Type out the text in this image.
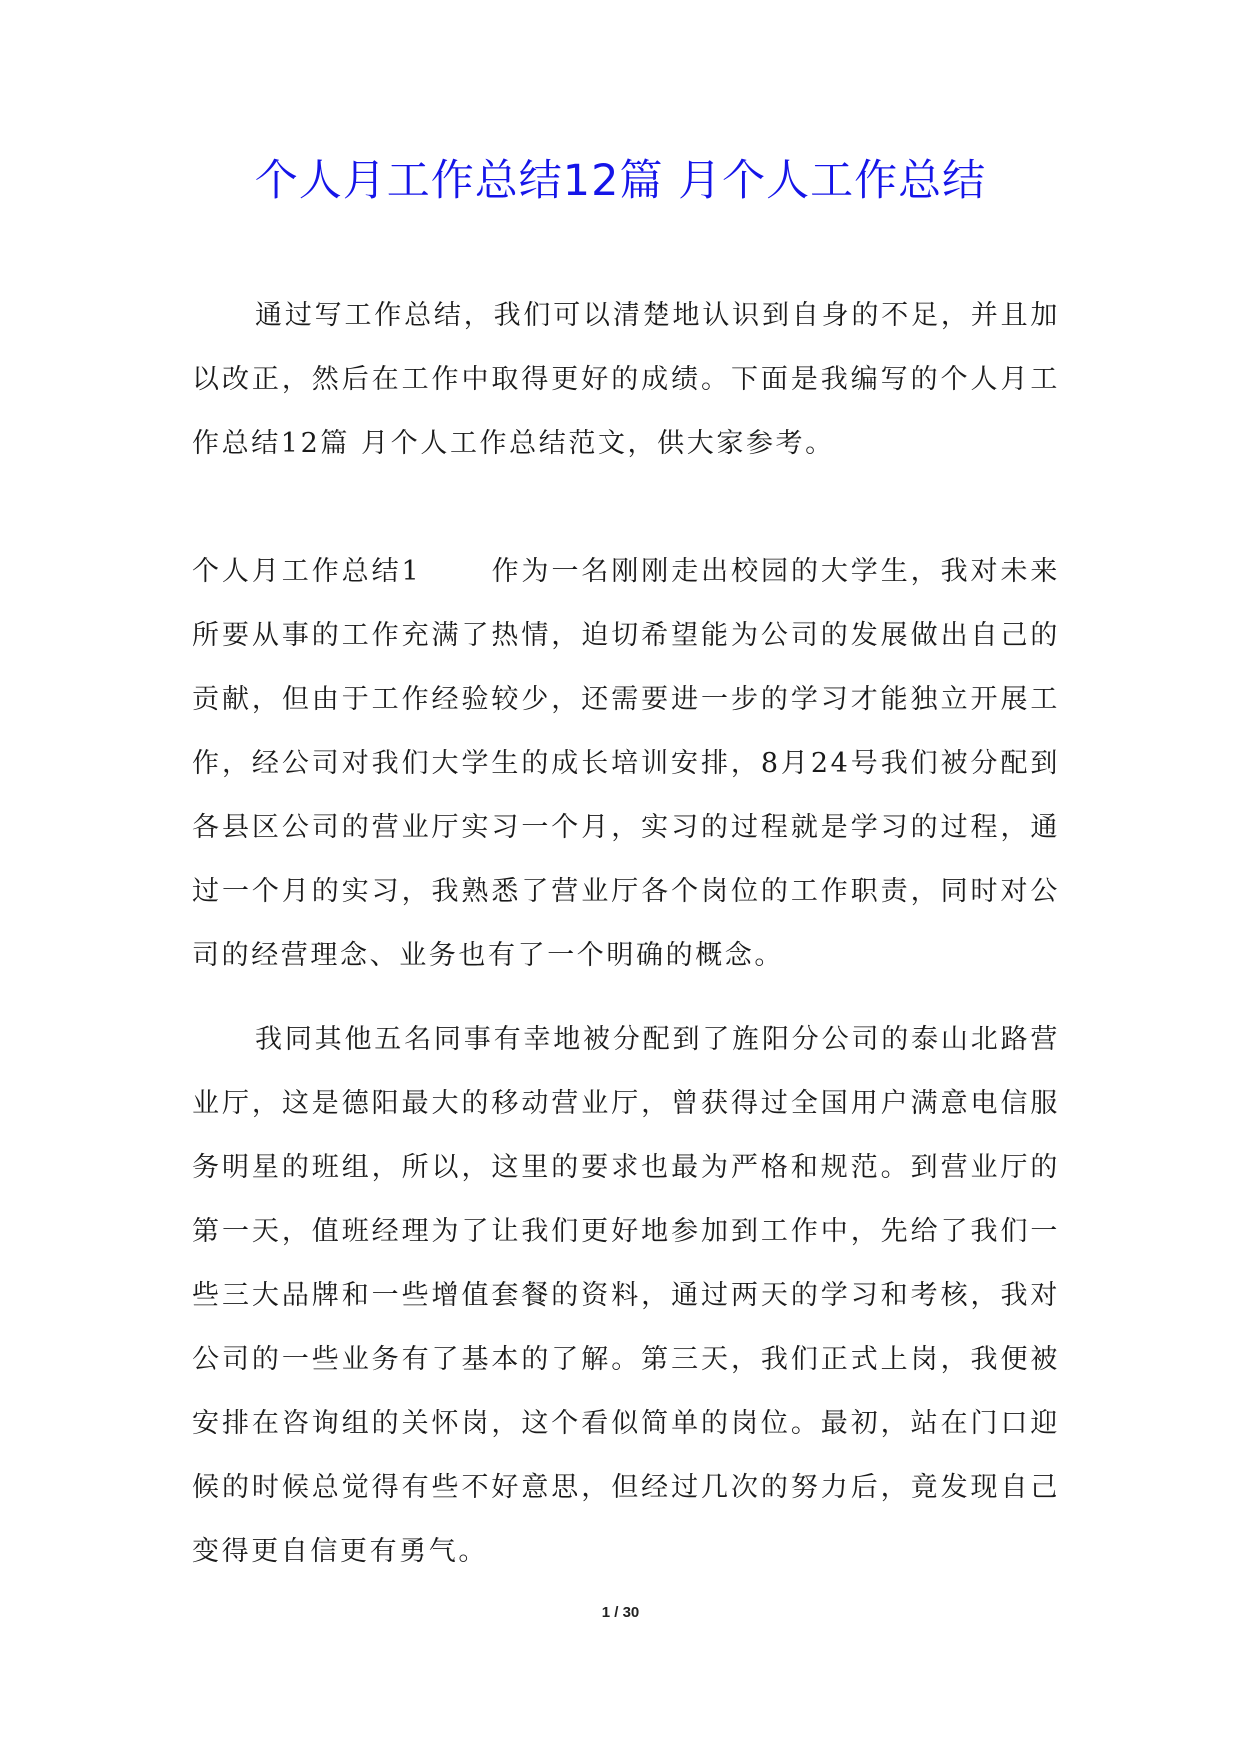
个人月工作总结12篇 月个人工作总结

通过写工作总结，我们可以清楚地认识到自身的不足，并且加以改正，然后在工作中取得更好的成绩。下面是我编写的个人月工作总结12篇 月个人工作总结范文，供大家参考。

个人月工作总结1	作为一名刚刚走出校园的大学生，我对未来所要从事的工作充满了热情，迫切希望能为公司的发展做出自己的贡献，但由于工作经验较少，还需要进一步的学习才能独立开展工作，经公司对我们大学生的成长培训安排，8月24号我们被分配到各县区公司的营业厅实习一个月，实习的过程就是学习的过程，通过一个月的实习，我熟悉了营业厅各个岗位的工作职责，同时对公司的经营理念、业务也有了一个明确的概念。

我同其他五名同事有幸地被分配到了旌阳分公司的泰山北路营业厅，这是德阳最大的移动营业厅，曾获得过全国用户满意电信服务明星的班组，所以，这里的要求也最为严格和规范。到营业厅的第一天，值班经理为了让我们更好地参加到工作中，先给了我们一些三大品牌和一些增值套餐的资料，通过两天的学习和考核，我对公司的一些业务有了基本的了解。第三天，我们正式上岗，我便被安排在咨询组的关怀岗，这个看似简单的岗位。最初，站在门口迎候的时候总觉得有些不好意思，但经过几次的努力后，竟发现自己变得更自信更有勇气。

1 / 30
